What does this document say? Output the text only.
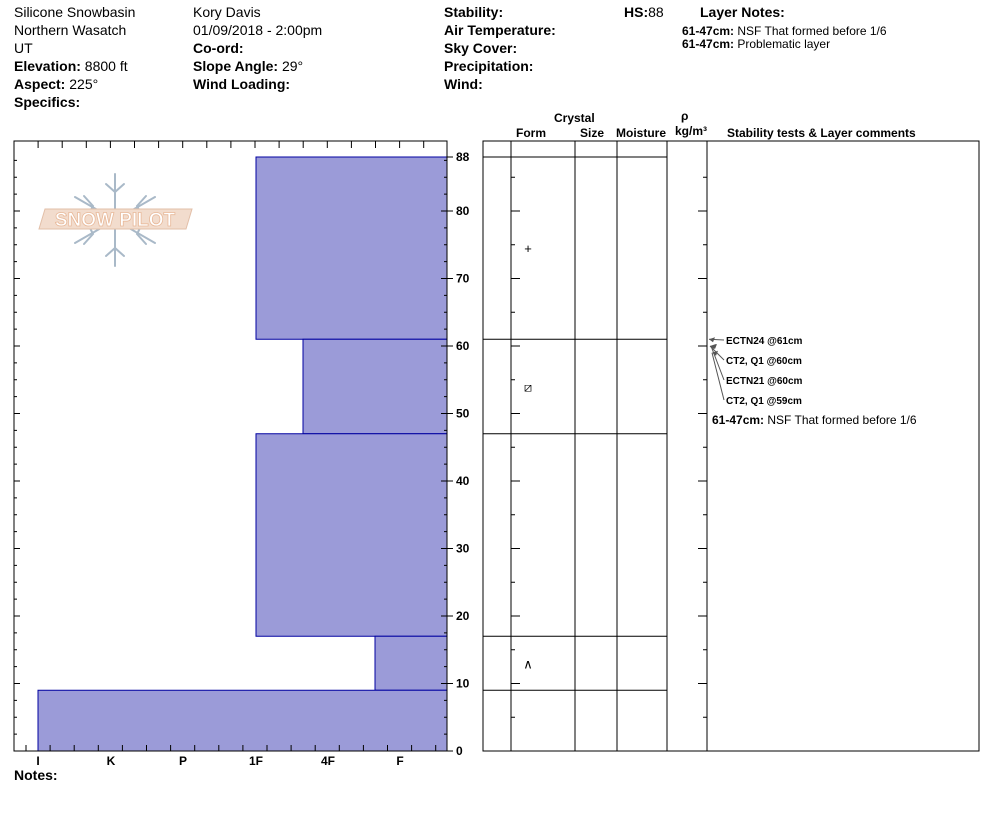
Silicone Snowbasin
Northern Wasatch
UT
Elevation: 8800 ft
Aspect: 225°
Specifics:
Kory Davis
01/09/2018 - 2:00pm
Co-ord:
Slope Angle: 29°
Wind Loading:
Stability:
Air Temperature:
Sky Cover:
Precipitation:
Wind:
HS:88	Layer Notes:
61-47cm: NSF That formed before 1/6
61-47cm: Problematic layer
Crystal
Form	Size Moisture
ρ
kg/m³ Stability tests & Layer comments
Notes:
SNOW PILOT
I	K	P	1F	4F	F
0
10
20
30
40
50
60
70
80
88
+
⧄
∧
ECTN24 @61cm
CT2, Q1 @60cm
ECTN21 @60cm
CT2, Q1 @59cm
61-47cm: NSF That formed before 1/6
